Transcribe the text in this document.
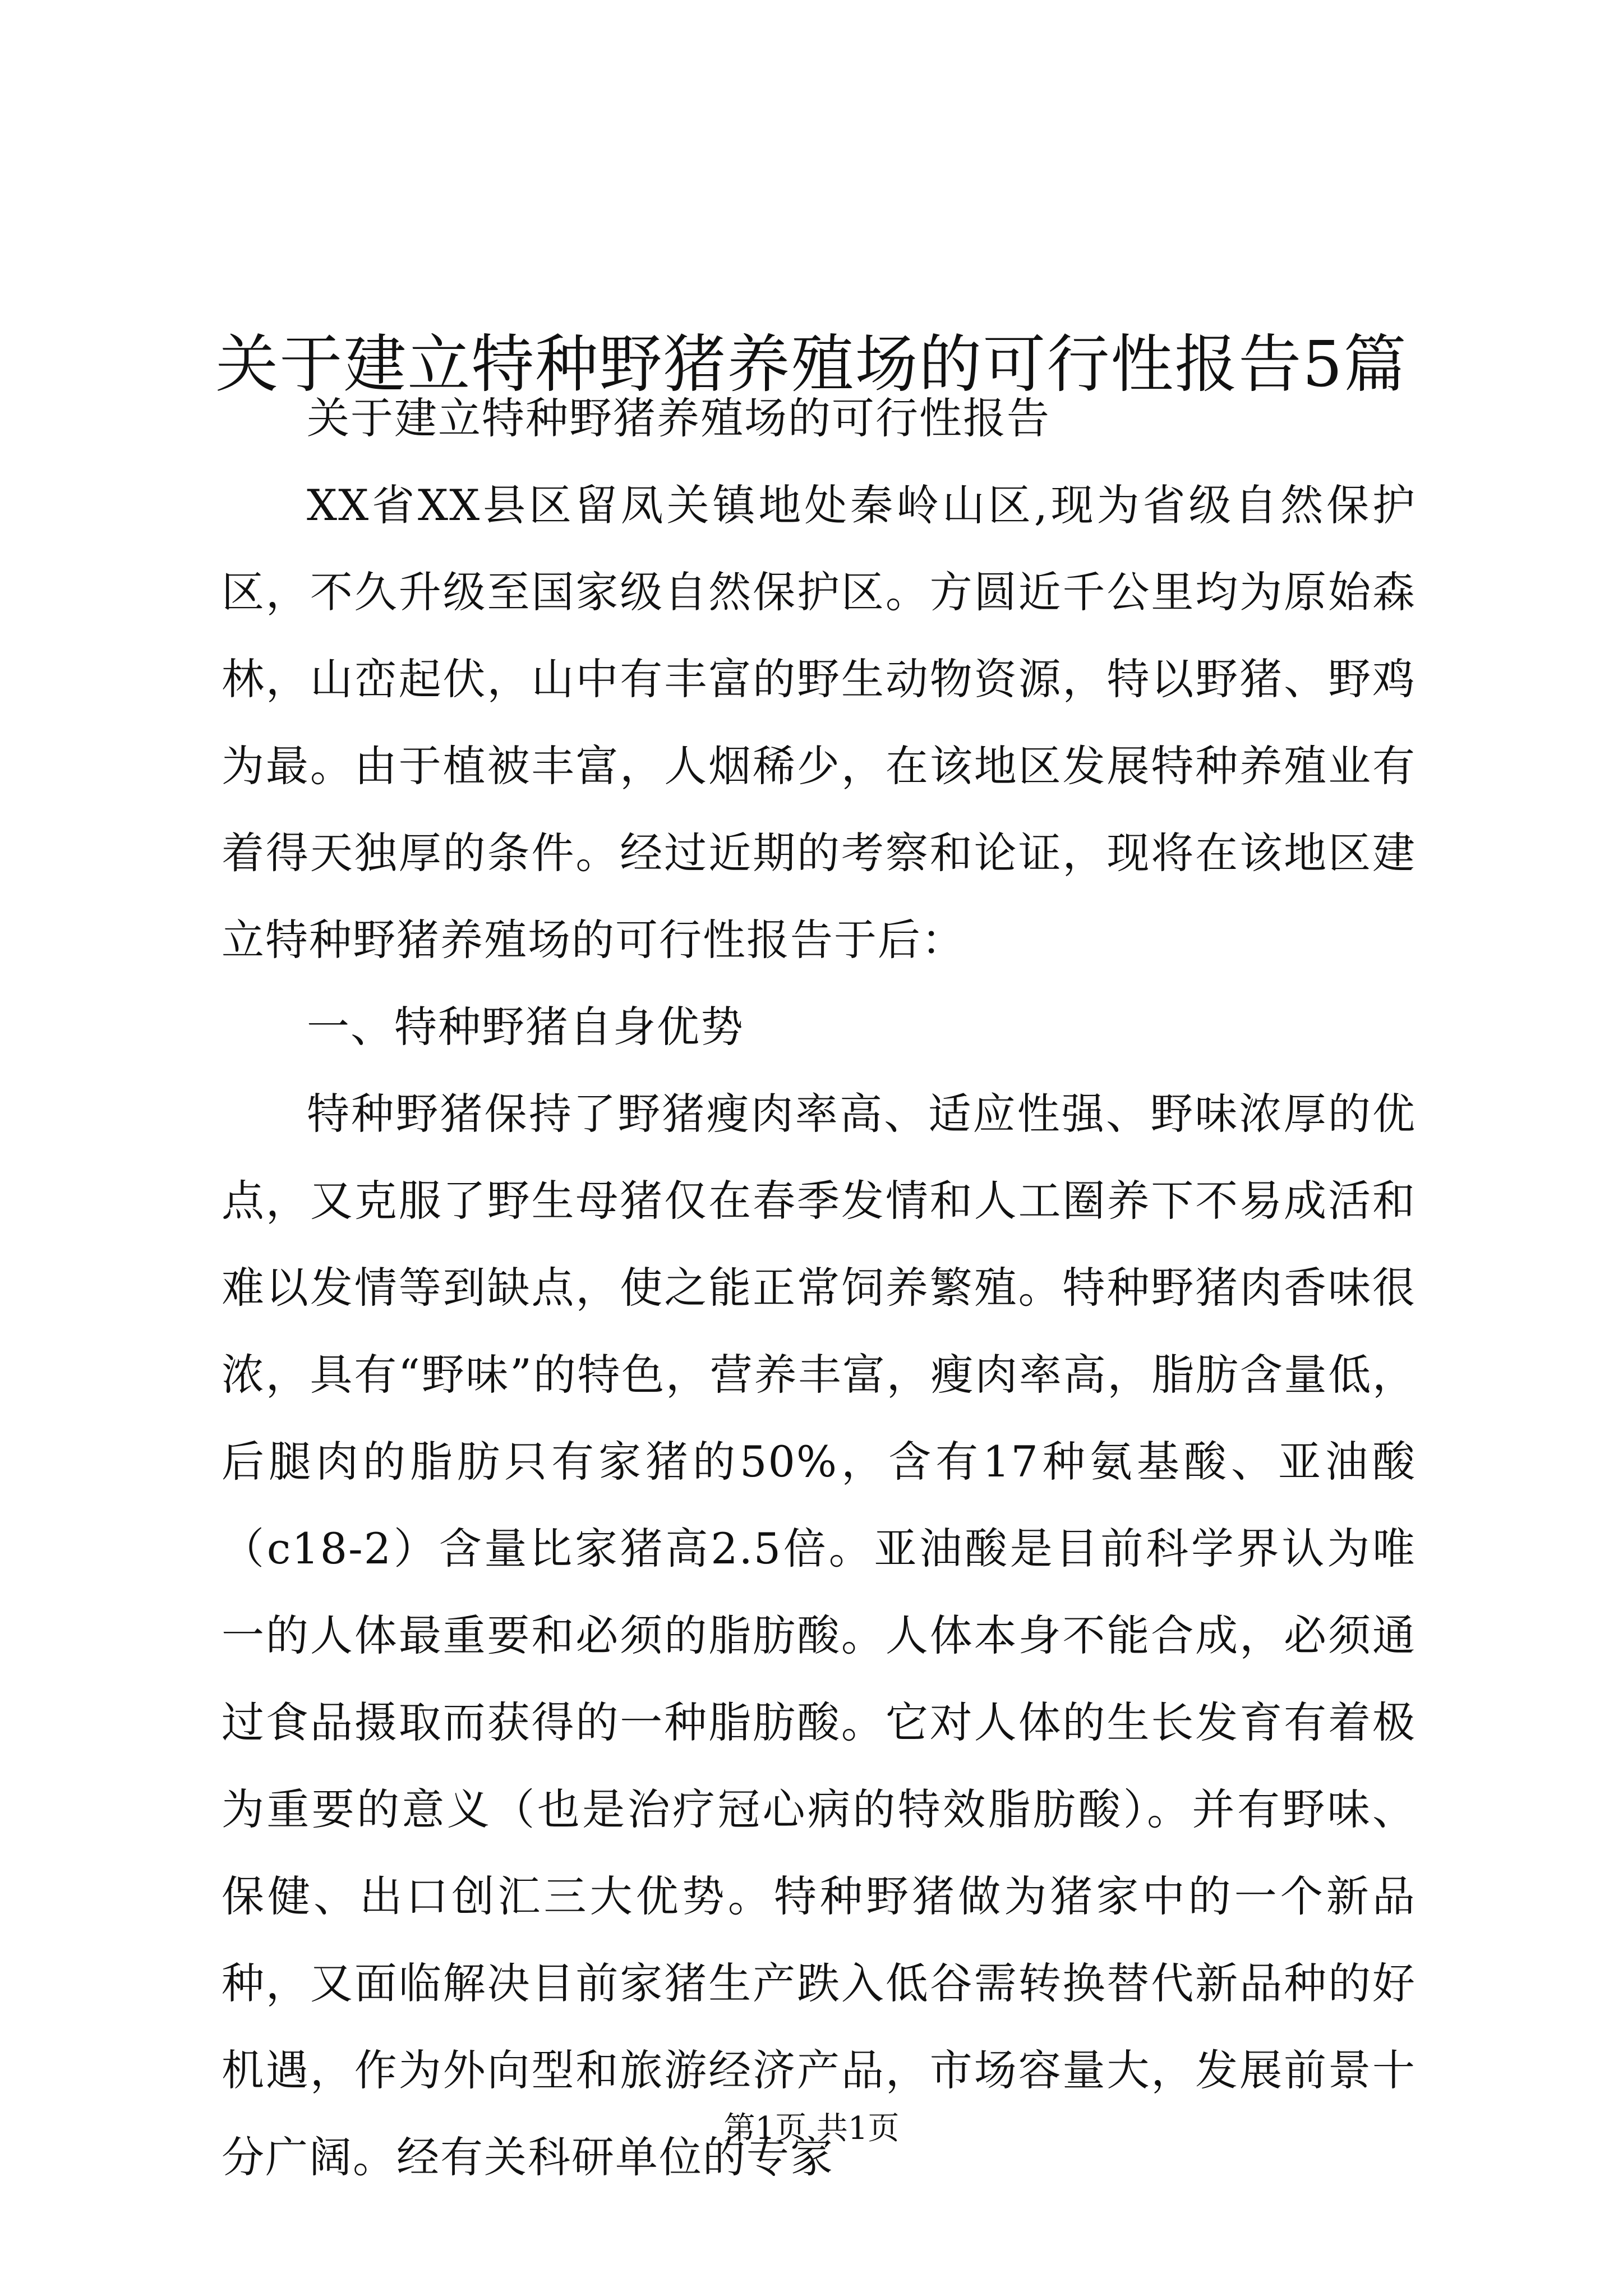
关于建立特种野猪养殖场的可行性报告5篇

关于建立特种野猪养殖场的可行性报告

XX省XX县区留凤关镇地处秦岭山区,现为省级自然保护区，不久升级至国家级自然保护区。方圆近千公里均为原始森林，山峦起伏，山中有丰富的野生动物资源，特以野猪、野鸡为最。由于植被丰富，人烟稀少，在该地区发展特种养殖业有着得天独厚的条件。经过近期的考察和论证，现将在该地区建立特种野猪养殖场的可行性报告于后：

一、特种野猪自身优势

特种野猪保持了野猪瘦肉率高、适应性强、野味浓厚的优点，又克服了野生母猪仅在春季发情和人工圈养下不易成活和难以发情等到缺点，使之能正常饲养繁殖。特种野猪肉香味很浓，具有“野味”的特色，营养丰富，瘦肉率高，脂肪含量低，后腿肉的脂肪只有家猪的50%，含有17种氨基酸、亚油酸（c18-2）含量比家猪高2.5倍。亚油酸是目前科学界认为唯一的人体最重要和必须的脂肪酸。人体本身不能合成，必须通过食品摄取而获得的一种脂肪酸。它对人体的生长发育有着极为重要的意义（也是治疗冠心病的特效脂肪酸）。并有野味、保健、出口创汇三大优势。特种野猪做为猪家中的一个新品种，又面临解决目前家猪生产跌入低谷需转换替代新品种的好机遇，作为外向型和旅游经济产品，市场容量大，发展前景十分广阔。经有关科研单位的专家

第1页 共1页
